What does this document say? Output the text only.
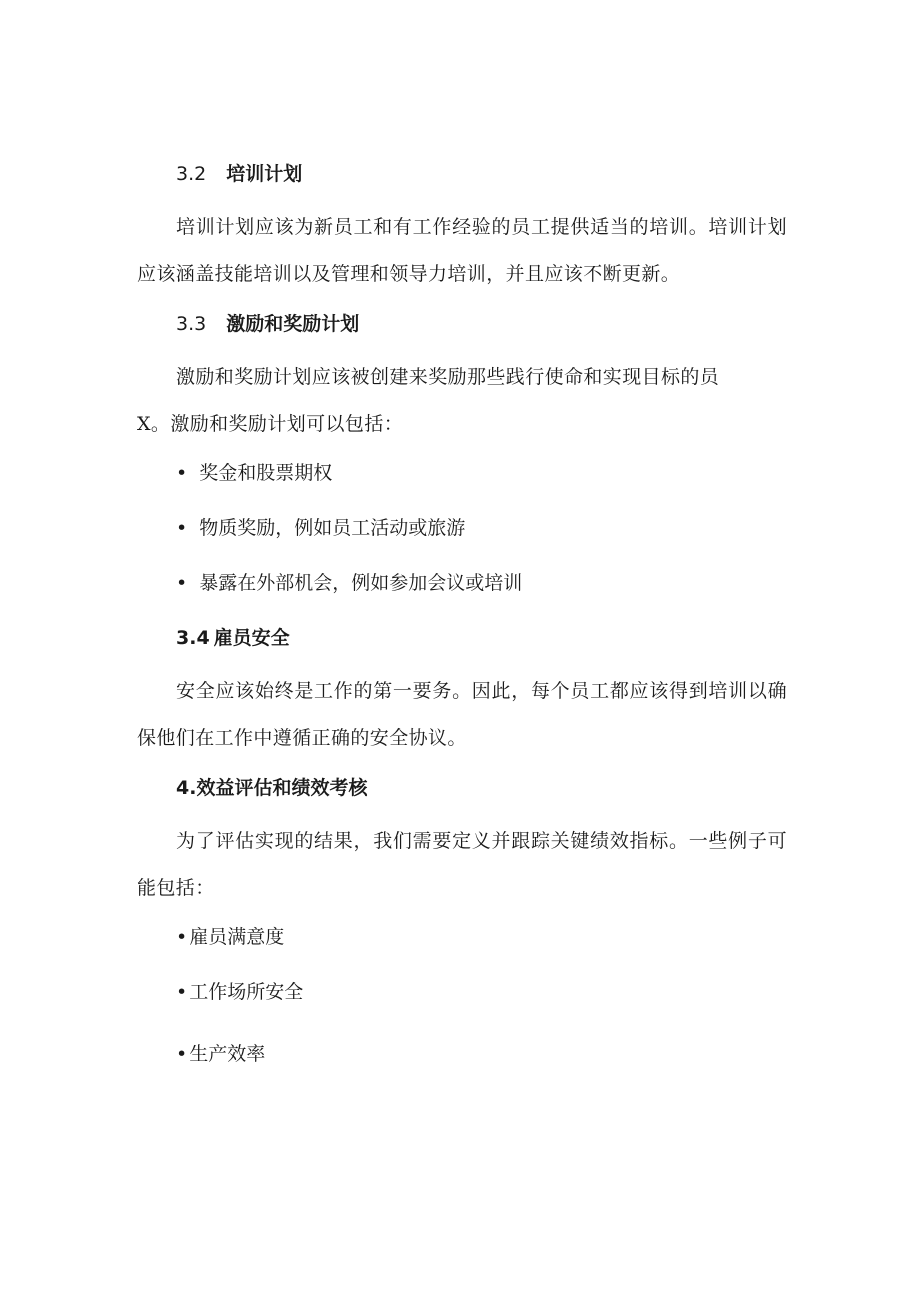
3.2 培训计划
培训计划应该为新员工和有工作经验的员工提供适当的培训。培训计划应该涵盖技能培训以及管理和领导力培训，并且应该不断更新。
3.3 激励和奖励计划
激励和奖励计划应该被创建来奖励那些践行使命和实现目标的员
X。激励和奖励计划可以包括：
• 奖金和股票期权
• 物质奖励，例如员工活动或旅游
• 暴露在外部机会，例如参加会议或培训
3.4 雇员安全
安全应该始终是工作的第一要务。因此，每个员工都应该得到培训以确保他们在工作中遵循正确的安全协议。
4.效益评估和绩效考核
为了评估实现的结果，我们需要定义并跟踪关键绩效指标。一些例子可能包括：
• 雇员满意度
• 工作场所安全
• 生产效率
